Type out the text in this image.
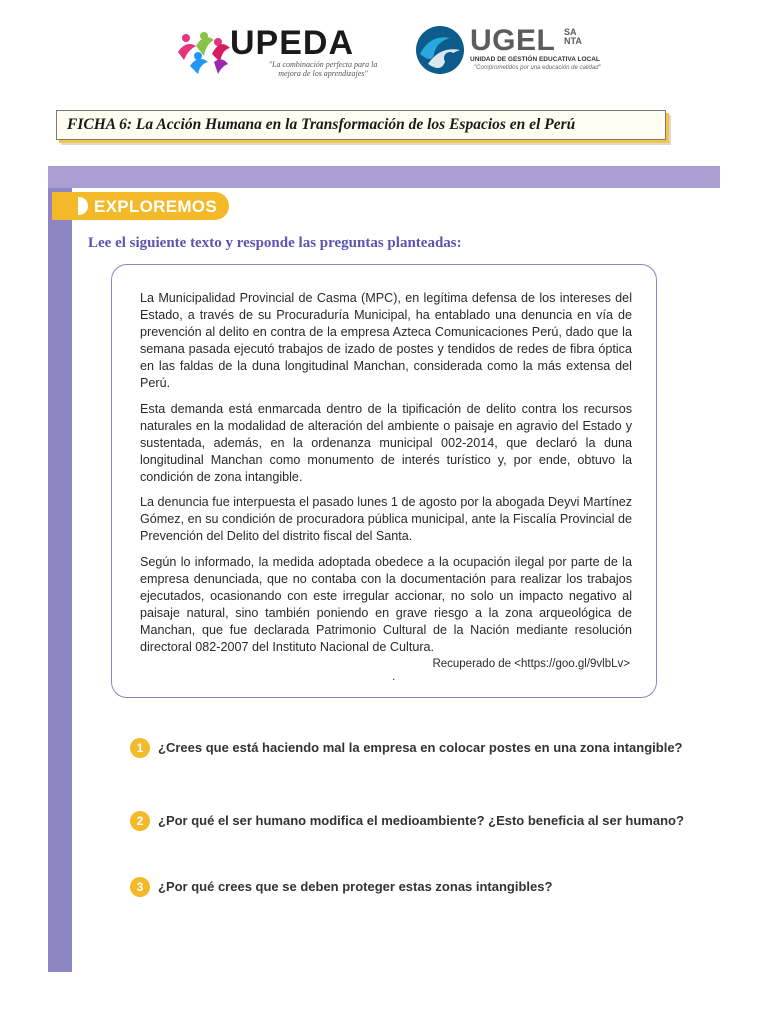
UPEDA
"La combinación perfecta para la mejora de los aprendizajes"
UGEL SA NTA
UNIDAD DE GESTIÓN EDUCATIVA LOCAL
"Comprometidos por una educación de calidad"
FICHA 6: La Acción Humana en la Transformación de los Espacios en el Perú
EXPLOREMOS
Lee el siguiente texto y responde las preguntas planteadas:

La Municipalidad Provincial de Casma (MPC), en legítima defensa de los intereses del Estado, a través de su Procuraduría Municipal, ha entablado una denuncia en vía de prevención al delito en contra de la empresa Azteca Comunicaciones Perú, dado que la semana pasada ejecutó trabajos de izado de postes y tendidos de redes de fibra óptica en las faldas de la duna longitudinal Manchan, considerada como la más extensa del Perú.

Esta demanda está enmarcada dentro de la tipificación de delito contra los recursos naturales en la modalidad de alteración del ambiente o paisaje en agravio del Estado y sustentada, además, en la ordenanza municipal 002-2014, que declaró la duna longitudinal Manchan como monumento de interés turístico y, por ende, obtuvo la condición de zona intangible.

La denuncia fue interpuesta el pasado lunes 1 de agosto por la abogada Deyvi Martínez Gómez, en su condición de procuradora pública municipal, ante la Fiscalía Provincial de Prevención del Delito del distrito fiscal del Santa.

Según lo informado, la medida adoptada obedece a la ocupación ilegal por parte de la empresa denunciada, que no contaba con la documentación para realizar los trabajos ejecutados, ocasionando con este irregular accionar, no solo un impacto negativo al paisaje natural, sino también poniendo en grave riesgo a la zona arqueológica de Manchan, que fue declarada Patrimonio Cultural de la Nación mediante resolución directoral 082-2007 del Instituto Nacional de Cultura.

Recuperado de <https://goo.gl/9vlbLv>
.
1	¿Crees que está haciendo mal la empresa en colocar postes en una zona intangible?
2	¿Por qué el ser humano modifica el medioambiente? ¿Esto beneficia al ser humano?
3	¿Por qué crees que se deben proteger estas zonas intangibles?
